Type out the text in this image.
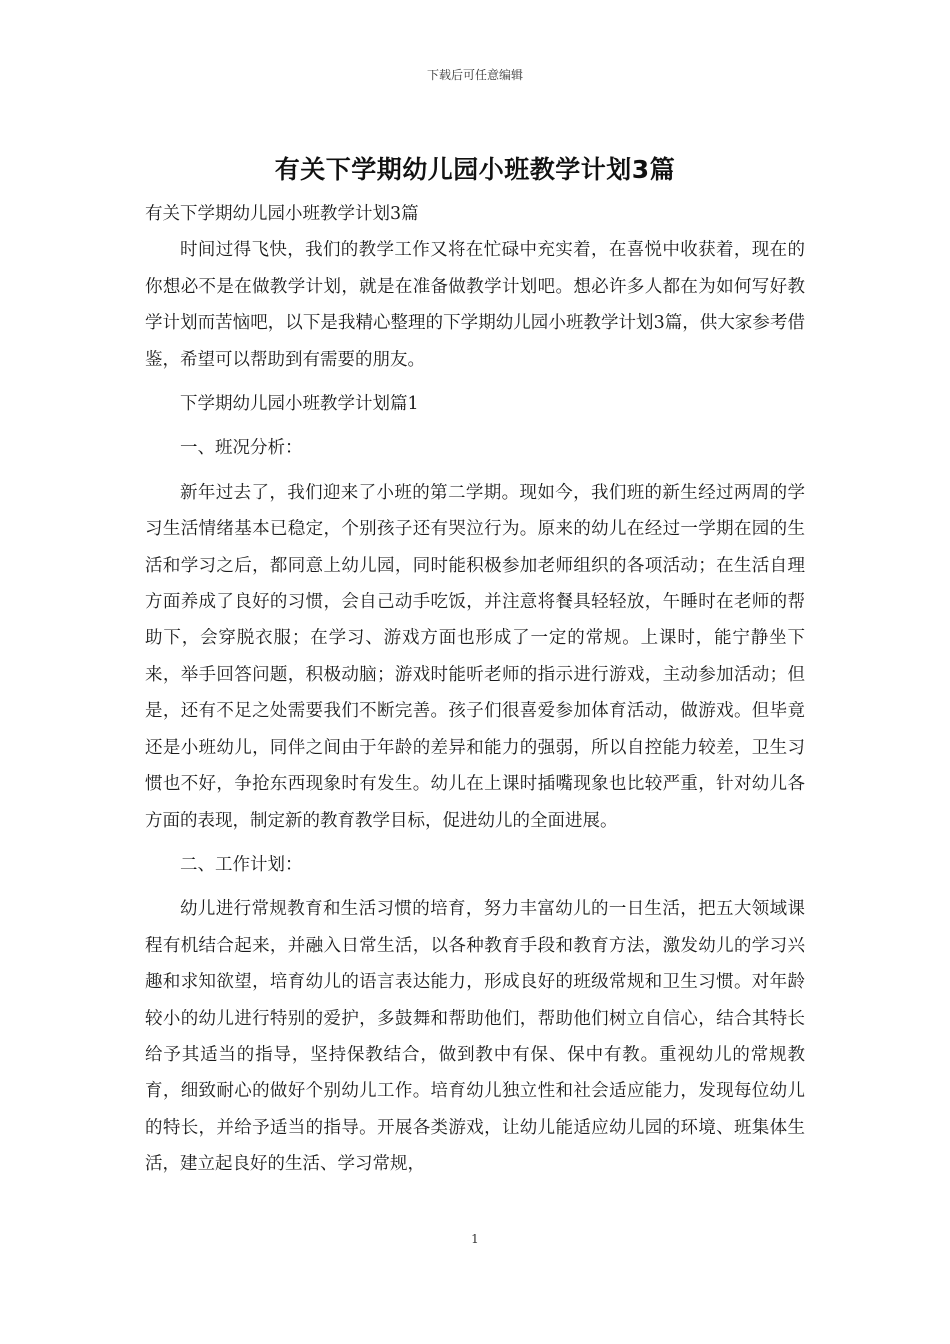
下载后可任意编辑
有关下学期幼儿园小班教学计划3篇

有关下学期幼儿园小班教学计划3篇

时间过得飞快，我们的教学工作又将在忙碌中充实着，在喜悦中收获着，现在的你想必不是在做教学计划，就是在准备做教学计划吧。想必许多人都在为如何写好教学计划而苦恼吧，以下是我精心整理的下学期幼儿园小班教学计划3篇，供大家参考借鉴，希望可以帮助到有需要的朋友。

下学期幼儿园小班教学计划篇1

一、班况分析：

新年过去了，我们迎来了小班的第二学期。现如今，我们班的新生经过两周的学习生活情绪基本已稳定，个别孩子还有哭泣行为。原来的幼儿在经过一学期在园的生活和学习之后，都同意上幼儿园，同时能积极参加老师组织的各项活动；在生活自理方面养成了良好的习惯，会自己动手吃饭，并注意将餐具轻轻放，午睡时在老师的帮助下，会穿脱衣服；在学习、游戏方面也形成了一定的常规。上课时，能宁静坐下来，举手回答问题，积极动脑；游戏时能听老师的指示进行游戏，主动参加活动；但是，还有不足之处需要我们不断完善。孩子们很喜爱参加体育活动，做游戏。但毕竟还是小班幼儿，同伴之间由于年龄的差异和能力的强弱，所以自控能力较差，卫生习惯也不好，争抢东西现象时有发生。幼儿在上课时插嘴现象也比较严重，针对幼儿各方面的表现，制定新的教育教学目标，促进幼儿的全面进展。

二、工作计划：

幼儿进行常规教育和生活习惯的培育，努力丰富幼儿的一日生活，把五大领域课程有机结合起来，并融入日常生活，以各种教育手段和教育方法，激发幼儿的学习兴趣和求知欲望，培育幼儿的语言表达能力，形成良好的班级常规和卫生习惯。对年龄较小的幼儿进行特别的爱护，多鼓舞和帮助他们，帮助他们树立自信心，结合其特长给予其适当的指导，坚持保教结合，做到教中有保、保中有教。重视幼儿的常规教育，细致耐心的做好个别幼儿工作。培育幼儿独立性和社会适应能力，发现每位幼儿的特长，并给予适当的指导。开展各类游戏，让幼儿能适应幼儿园的环境、班集体生活，建立起良好的生活、学习常规，

1
